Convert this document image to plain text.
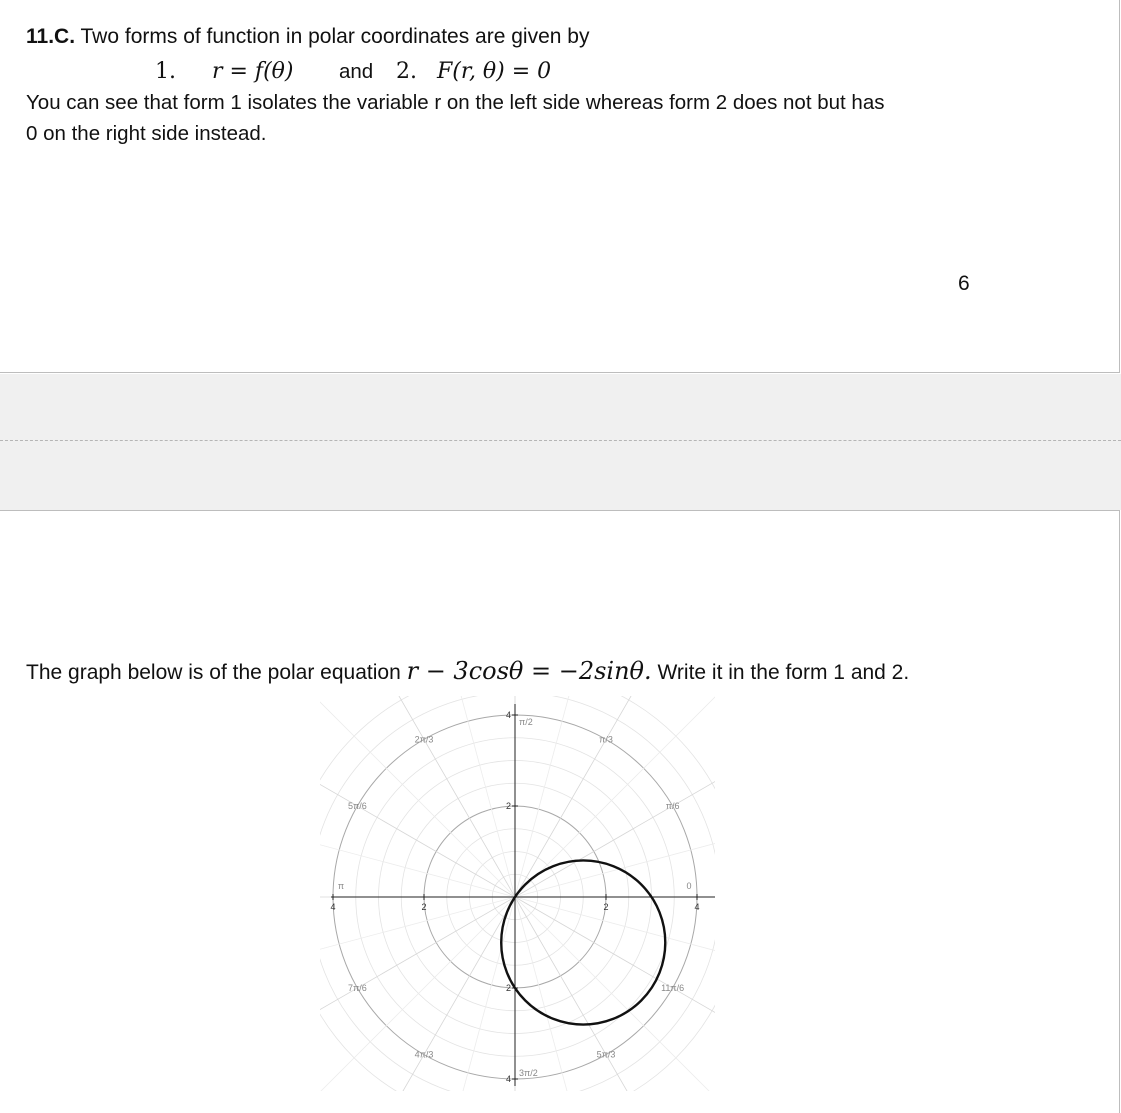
11.C. Two forms of function in polar coordinates are given by
1. r = f(θ) and 2. F(r, θ) = 0
You can see that form 1 isolates the variable r on the left side whereas form 2 does not but has
0 on the right side instead.
6
The graph below is of the polar equation r − 3cosθ = −2sinθ. Write it in the form 1 and 2.
4	2	2	4
4
2
2
4
0
π/6
π/3
π/2
2π/3
5π/6
π
7π/6
4π/3
3π/2
5π/3
11π/6
